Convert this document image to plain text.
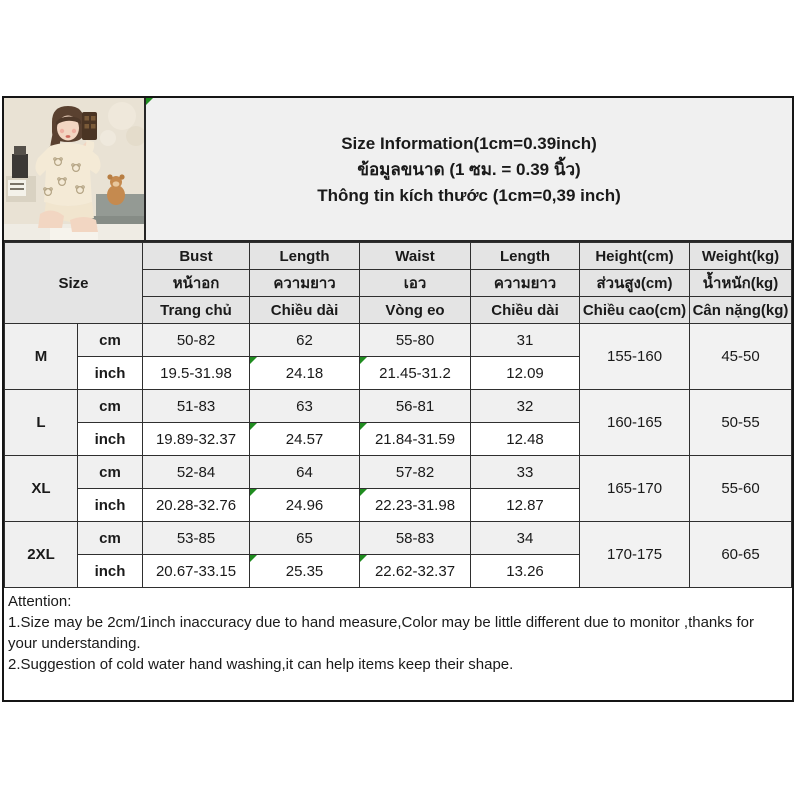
Size Information(1cm=0.39inch)
ข้อมูลขนาด (1 ซม. = 0.39 นิ้ว)
Thông tin kích thước (1cm=0,39 inch)
Size		Bust	Length	Waist	Length	Height(cm)	Weight(kg)
		หน้าอก	ความยาว	เอว	ความยาว	ส่วนสูง(cm)	น้ำหนัก(kg)
		Trang chủ	Chiều dài	Vòng eo	Chiều dài	Chiều cao(cm)	Cân nặng(kg)
M	cm	50-82	62	55-80	31	155-160	45-50
	inch	19.5-31.98	24.18	21.45-31.2	12.09		
L	cm	51-83	63	56-81	32	160-165	50-55
	inch	19.89-32.37	24.57	21.84-31.59	12.48		
XL	cm	52-84	64	57-82	33	165-170	55-60
	inch	20.28-32.76	24.96	22.23-31.98	12.87		
2XL	cm	53-85	65	58-83	34	170-175	60-65
	inch	20.67-33.15	25.35	22.62-32.37	13.26		

Attention:

1.Size may be 2cm/1inch inaccuracy due to hand measure,Color may be little different due to monitor ,thanks for your understanding.

2.Suggestion of cold water hand washing,it can help items keep their shape.
